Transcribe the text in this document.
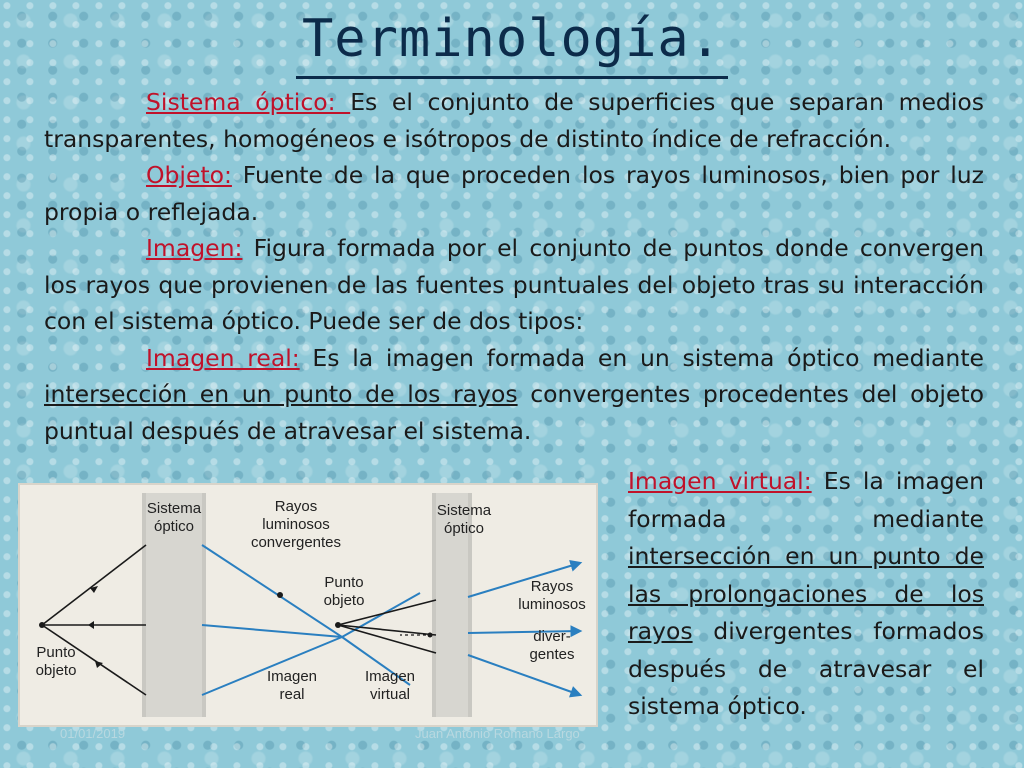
Terminología.

Sistema óptico: Es el conjunto de superficies que separan medios transparentes, homogéneos e isótropos de distinto índice de refracción.

Objeto: Fuente de la que proceden los rayos luminosos, bien por luz propia o reflejada.

Imagen: Figura formada por el conjunto de puntos donde convergen los rayos que provienen de las fuentes puntuales del objeto tras su interacción con el sistema óptico. Puede ser de dos tipos:

Imagen real: Es la imagen formada en un sistema óptico mediante intersección en un punto de los rayos convergentes procedentes del objeto puntual después de atravesar el sistema.

Sistema
óptico
Rayos
luminosos
convergentes
Punto
objeto	Imagen
real
Sistema
óptico
Punto
objeto
Rayos
luminosos
diver-
gentes
Imagen
virtual

Imagen virtual: Es la imagen formada mediante intersección en un punto de las prolongaciones de los rayos divergentes formados después de atravesar el sistema óptico.

01/01/2019	Juan Antonio Romano Largo
